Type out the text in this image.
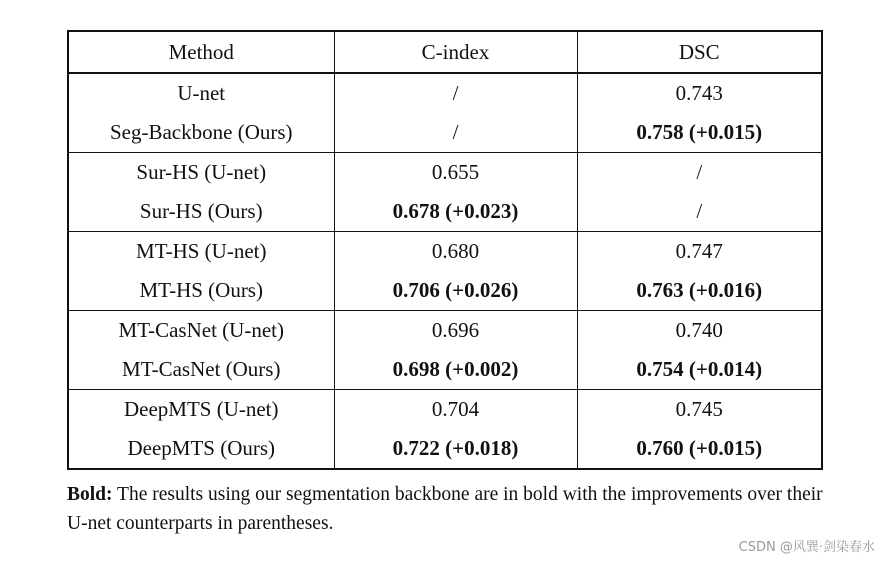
Method	C-index	DSC
U-net	/	0.743
Seg-Backbone (Ours)	/	0.758 (+0.015)
Sur-HS (U-net)	0.655	/
Sur-HS (Ours)	0.678 (+0.023)	/
MT-HS (U-net)	0.680	0.747
MT-HS (Ours)	0.706 (+0.026)	0.763 (+0.016)
MT-CasNet (U-net)	0.696	0.740
MT-CasNet (Ours)	0.698 (+0.002)	0.754 (+0.014)
DeepMTS (U-net)	0.704	0.745
DeepMTS (Ours)	0.722 (+0.018)	0.760 (+0.015)

Bold: The results using our segmentation backbone are in bold with the improvements over their U-net counterparts in parentheses.

CSDN @风巽·剑染春水
